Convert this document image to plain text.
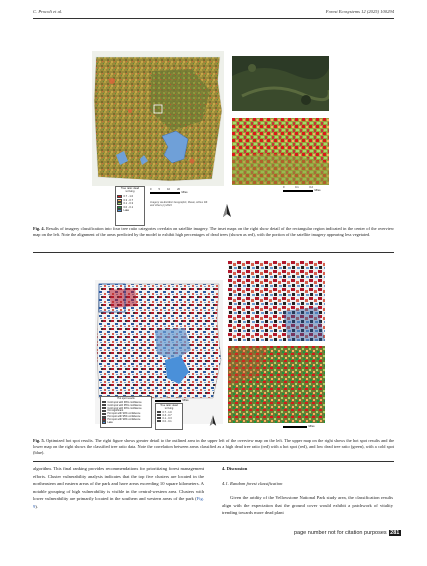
C. Procoli et al.	Forest Ecosystems 12 (2025) 100294
Tree ratio: dead
to living
0.7 - 1.0
0.3 - 0.7
0.1 - 0.3
0.0 - 0.1
Lake
0	5	10	20
Miles
Imagery via Esri/Esri Geographic, Maxar, Airbus DS and others (c) 2024
0	0.1	0.2
Miles
Fig. 4. Results of imagery classification into four tree ratio categories overlain on satellite imagery. The inset maps on the right show detail of the rectangular region indicated in the center of the overview map on the left. Note the alignment of the areas predicted by the model to exhibit high percentages of dead trees (shown as red), with the portion of the satellite imagery appearing less vegetated.
Hot spot results
Cold spot with 99% confidence
Cold spot with 95% confidence
Cold spot with 90% confidence
Not significant
Hot spot with 90% confidence
Hot spot with 95% confidence
Hot spot with 99% confidence
Lake
0	5	10
Miles
Tree ratio: dead
to living
0.7 - 1.0
0.3 - 0.7
0.1 - 0.3
0.0 - 0.1
Miles
Fig. 5. Optimized hot spot results. The right figure shows greater detail to the outlined area in the upper left of the overview map on the left. The upper map on the right shows the hot spot results and the lower map on the right shows the classified tree ratio data. Note the correlation between areas classified as a high dead tree ratio (red) with a hot spot (red), and low dead tree ratio (green), with a cold spot (blue).
algorithm. This final ranking provides recommendations for prioritizing forest management efforts. Cluster vulnerability analysis indicates that the top five clusters are located in the northeastern and eastern areas of the park and have areas exceeding 10 square kilometers. A notable grouping of high vulnerability is visible in the central-western area. Clusters with lower vulnerability are primarily located in the southern and western areas of the park (Fig. 9).
4. Discussion
4.1. Random forest classification
Given the aridity of the Yellowstone National Park study area, the classification results align with the expectation that the ground cover would exhibit a patchwork of vitality trending towards more dead plant
page number not for citation purposes 281
